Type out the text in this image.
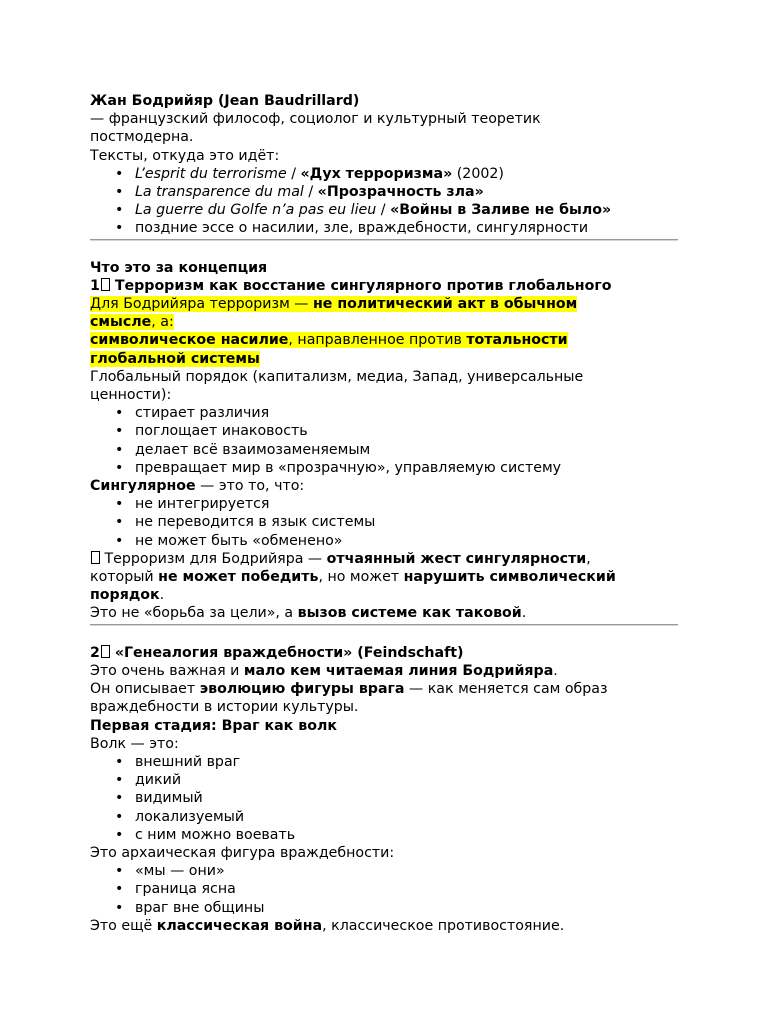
Жан Бодрийяр (Jean Baudrillard)

— французский философ, социолог и культурный теоретик

постмодерна.

Тексты, откуда это идёт:

• L’esprit du terrorisme / «Дух терроризма» (2002)
• La transparence du mal / «Прозрачность зла»
• La guerre du Golfe n’a pas eu lieu / «Войны в Заливе не было»
• поздние эссе о насилии, зле, враждебности, сингулярности

Что это за концепция

1 Терроризм как восстание сингулярного против глобального

Для Бодрийяра терроризм — не политический акт в обычном

смысле, а:

символическое насилие, направленное против тотальности

глобальной системы

Глобальный порядок (капитализм, медиа, Запад, универсальные

ценности):

• стирает различия
• поглощает инаковость
• делает всё взаимозаменяемым
• превращает мир в «прозрачную», управляемую систему

Сингулярное — это то, что:

• не интегрируется
• не переводится в язык системы
• не может быть «обменено»

Терроризм для Бодрийяра — отчаянный жест сингулярности,

который не может победить, но может нарушить символический

порядок.

Это не «борьба за цели», а вызов системе как таковой.

2 «Генеалогия враждебности» (Feindschaft)

Это очень важная и мало кем читаемая линия Бодрийяра.

Он описывает эволюцию фигуры врага — как меняется сам образ

враждебности в истории культуры.

Первая стадия: Враг как волк

Волк — это:

• внешний враг
• дикий
• видимый
• локализуемый
• с ним можно воевать

Это архаическая фигура враждебности:

• «мы — они»
• граница ясна
• враг вне общины

Это ещё классическая война, классическое противостояние.
